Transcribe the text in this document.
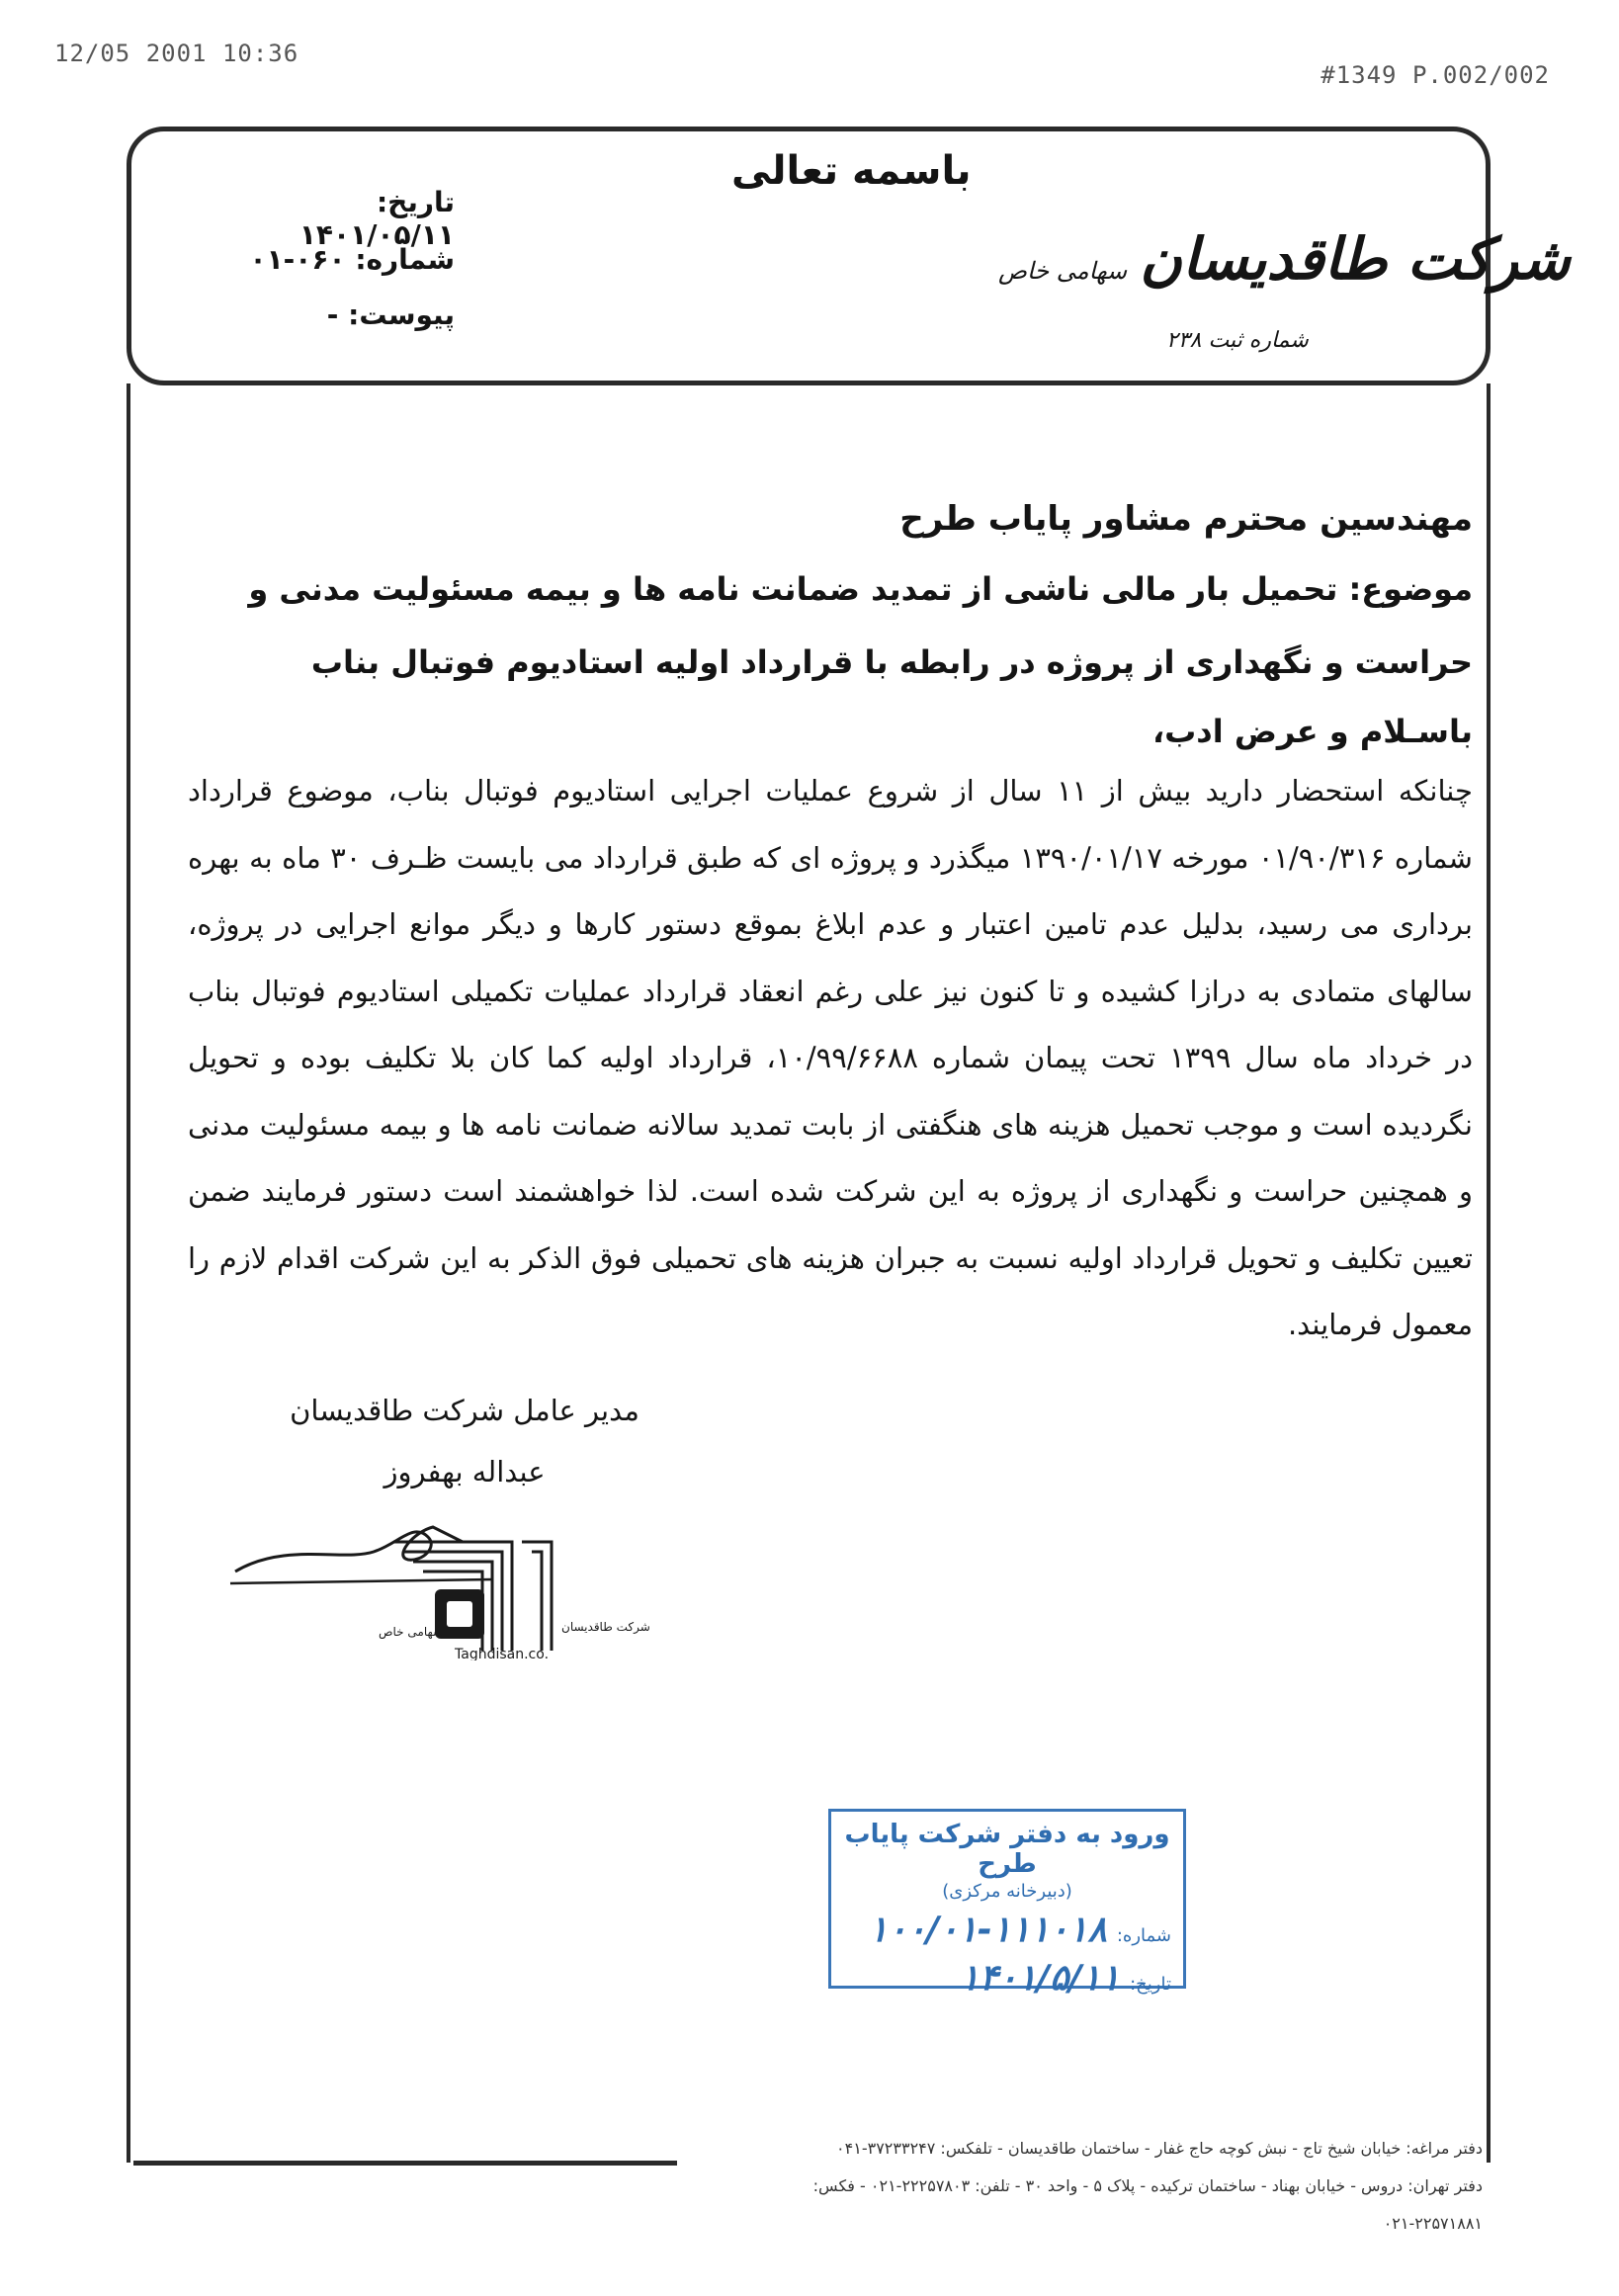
12/05 2001 10:36
#1349 P.002/002
باسمه تعالی
شرکت طاقدیسان سهامی خاص
شماره ثبت ۲۳۸
تاریخ: ۱۴۰۱/۰۵/۱۱
شماره: ۰۶۰-۰۱
پیوست: -

مهندسین محترم مشاور پایاب طرح

موضوع: تحمیل بار مالی ناشی از تمدید ضمانت نامه ها و بیمه مسئولیت مدنی و حراست و نگهداری از پروژه در رابطه با قرارداد اولیه استادیوم فوتبال بناب

باسـلام و عرض ادب،

چنانکه استحضار دارید بیش از ۱۱ سال از شروع عملیات اجرایی استادیوم فوتبال بناب، موضوع قرارداد شماره ۰۱/۹۰/۳۱۶ مورخه ۱۳۹۰/۰۱/۱۷ میگذرد و پروژه ای که طبق قرارداد می بایست ظـرف ۳۰ ماه به بهره برداری می رسید، بدلیل عدم تامین اعتبار و عدم ابلاغ بموقع دستور کارها و دیگر موانع اجرایی در پروژه، سالهای متمادی به درازا کشیده و تا کنون نیز علی رغم انعقاد قرارداد عملیات تکمیلی استادیوم فوتبال بناب در خرداد ماه سال ۱۳۹۹ تحت پیمان شماره ۱۰/۹۹/۶۶۸۸، قرارداد اولیه کما کان بلا تکلیف بوده و تحویل نگردیده است و موجب تحمیل هزینه های هنگفتی از بابت تمدید سالانه ضمانت نامه ها و بیمه مسئولیت مدنی و همچنین حراست و نگهداری از پروژه به این شرکت شده است. لذا خواهشمند است دستور فرمایند ضمن تعیین تکلیف و تحویل قرارداد اولیه نسبت به جبران هزینه های تحمیلی فوق الذکر به این شرکت اقدام لازم را معمول فرمایند.

مدیر عامل شرکت طاقدیسان

عبداله بهفروز

سهامی خاص	شرکت طاقدیسان
Taghdisan.co.
ورود به دفتر شرکت پایاب طرح
(دبیرخانه مرکزی)
شماره:
۱۰۰/۰۱-۱۱۱۰۱۸
تاریخ:
۱۴۰۱/۵/۱۱
دفتر مراغه: خیابان شیخ تاج - نبش کوچه حاج غفار - ساختمان طاقدیسان - تلفکس: ۳۷۲۳۳۲۴۷-۰۴۱
دفتر تهران: دروس - خیابان بهناد - ساختمان ترکیده - پلاک ۵ - واحد ۳۰ - تلفن: ۲۲۲۵۷۸۰۳-۰۲۱ - فکس: ۲۲۵۷۱۸۸۱-۰۲۱
